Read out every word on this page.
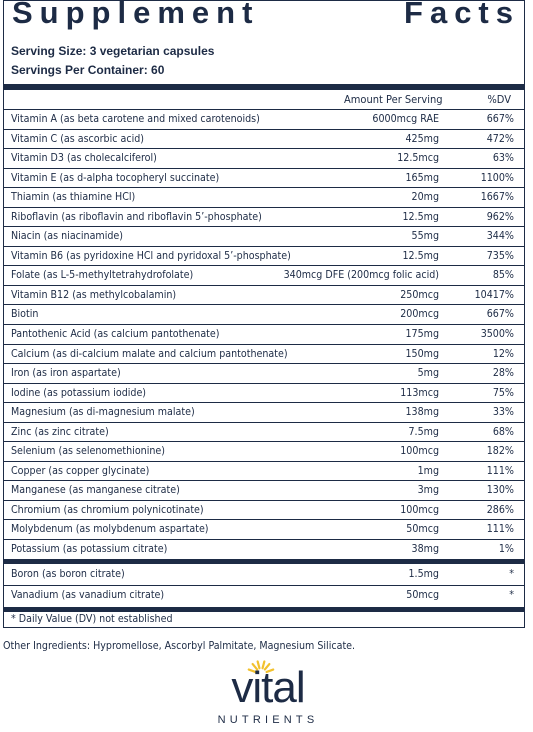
Supplement	Facts
Serving Size: 3 vegetarian capsules
Servings Per Container: 60
Amount Per Serving	%DV
Vitamin A (as beta carotene and mixed carotenoids)	6000mcg RAE	667%
Vitamin C (as ascorbic acid)	425mg	472%
Vitamin D3 (as cholecalciferol)	12.5mcg	63%
Vitamin E (as d-alpha tocopheryl succinate)	165mg	1100%
Thiamin (as thiamine HCl)	20mg	1667%
Riboflavin (as riboflavin and riboflavin 5’-phosphate)	12.5mg	962%
Niacin (as niacinamide)	55mg	344%
Vitamin B6 (as pyridoxine HCl and pyridoxal 5’-phosphate)	12.5mg	735%
Folate (as L-5-methyltetrahydrofolate)	340mcg DFE (200mcg folic acid)	85%
Vitamin B12 (as methylcobalamin)	250mcg	10417%
Biotin	200mcg	667%
Pantothenic Acid (as calcium pantothenate)	175mg	3500%
Calcium (as di-calcium malate and calcium pantothenate)	150mg	12%
Iron (as iron aspartate)	5mg	28%
Iodine (as potassium iodide)	113mcg	75%
Magnesium (as di-magnesium malate)	138mg	33%
Zinc (as zinc citrate)	7.5mg	68%
Selenium (as selenomethionine)	100mcg	182%
Copper (as copper glycinate)	1mg	111%
Manganese (as manganese citrate)	3mg	130%
Chromium (as chromium polynicotinate)	100mcg	286%
Molybdenum (as molybdenum aspartate)	50mcg	111%
Potassium (as potassium citrate)	38mg	1%
Boron (as boron citrate)	1.5mg	*
Vanadium (as vanadium citrate)	50mcg	*
* Daily Value (DV) not established
Other Ingredients: Hypromellose, Ascorbyl Palmitate, Magnesium Silicate.
vital
NUTRIENTS
